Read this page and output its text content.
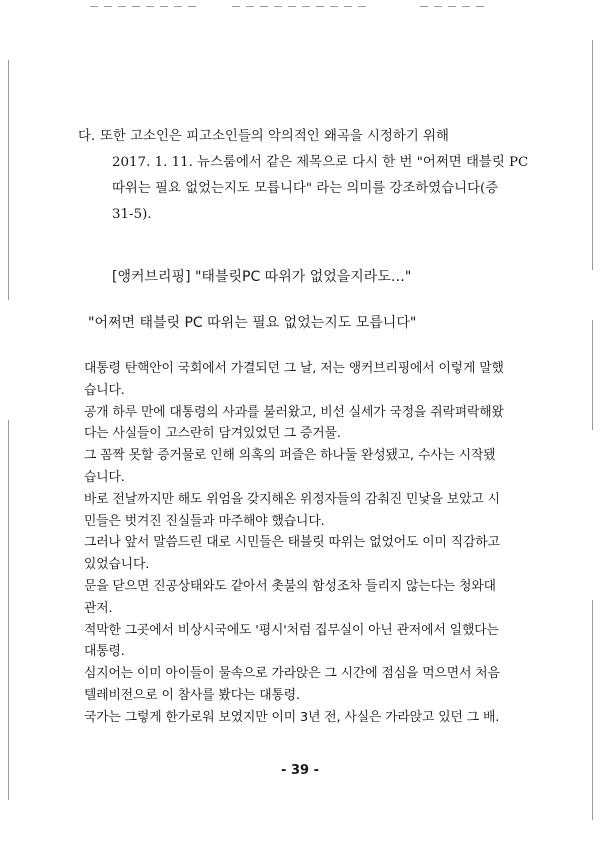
다. 또한 고소인은 피고소인들의 악의적인 왜곡을 시정하기 위해
2017. 1. 11. 뉴스룸에서 같은 제목으로 다시 한 번 "어쩌면 태블릿 PC
따위는 필요 없었는지도 모릅니다" 라는 의미를 강조하였습니다(증
31-5).
[앵커브리핑] "태블릿PC 따위가 없었을지라도…"
"어쩌면 태블릿 PC 따위는 필요 없었는지도 모릅니다"
대통령 탄핵안이 국회에서 가결되던 그 날, 저는 앵커브리핑에서 이렇게 말했
습니다.
공개 하루 만에 대통령의 사과를 불러왔고, 비선 실세가 국정을 쥐락펴락해왔
다는 사실들이 고스란히 담겨있었던 그 증거물.
그 꼼짝 못할 증거물로 인해 의혹의 퍼즐은 하나둘 완성됐고, 수사는 시작됐
습니다.
바로 전날까지만 해도 위엄을 갖지해온 위정자들의 감춰진 민낯을 보았고 시
민들은 벗겨진 진실들과 마주해야 했습니다.
그러나 앞서 말씀드린 대로 시민들은 태블릿 따위는 없었어도 이미 직감하고
있었습니다.
문을 닫으면 진공상태와도 같아서 촛불의 함성조차 들리지 않는다는 청와대
관저.
적막한 그곳에서 비상시국에도 '평시'처럼 집무실이 아닌 관저에서 일했다는
대통령.
심지어는 이미 아이들이 물속으로 가라앉은 그 시간에 점심을 먹으면서 처음
텔레비전으로 이 참사를 봤다는 대통령.
국가는 그렇게 한가로워 보였지만 이미 3년 전, 사실은 가라앉고 있던 그 배.
- 39 -
